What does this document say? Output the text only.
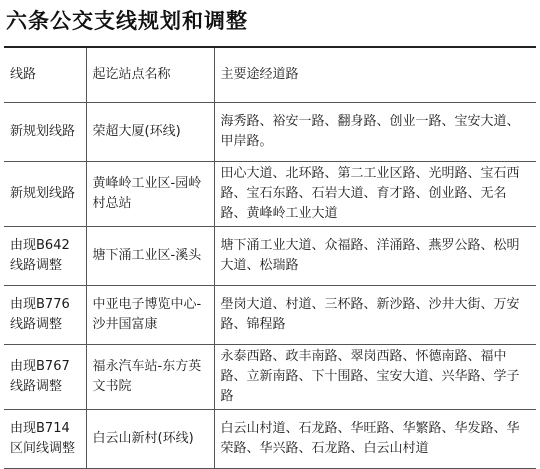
六条公交支线规划和调整
线路	起讫站点名称	主要途经道路
新规划线路	荣超大厦(环线)	海秀路、裕安一路、翻身路、创业一路、宝安大道、甲岸路。
新规划线路	黄峰岭工业区-园岭村总站	田心大道、北环路、第二工业区路、光明路、宝石西路、宝石东路、石岩大道、育才路、创业路、无名路、黄峰岭工业大道
由现B642线路调整	塘下涌工业区-溪头	塘下涌工业大道、众福路、洋涌路、燕罗公路、松明大道、松瑞路
由现B776线路调整	中亚电子博览中心-沙井国富康	壆岗大道、村道、三杯路、新沙路、沙井大街、万安路、锦程路
由现B767线路调整	福永汽车站-东方英文书院	永泰西路、政丰南路、翠岗西路、怀德南路、福中路、立新南路、下十围路、宝安大道、兴华路、学子路
由现B714区间线调整	白云山新村(环线)	白云山村道、石龙路、华旺路、华繁路、华发路、华荣路、华兴路、石龙路、白云山村道
